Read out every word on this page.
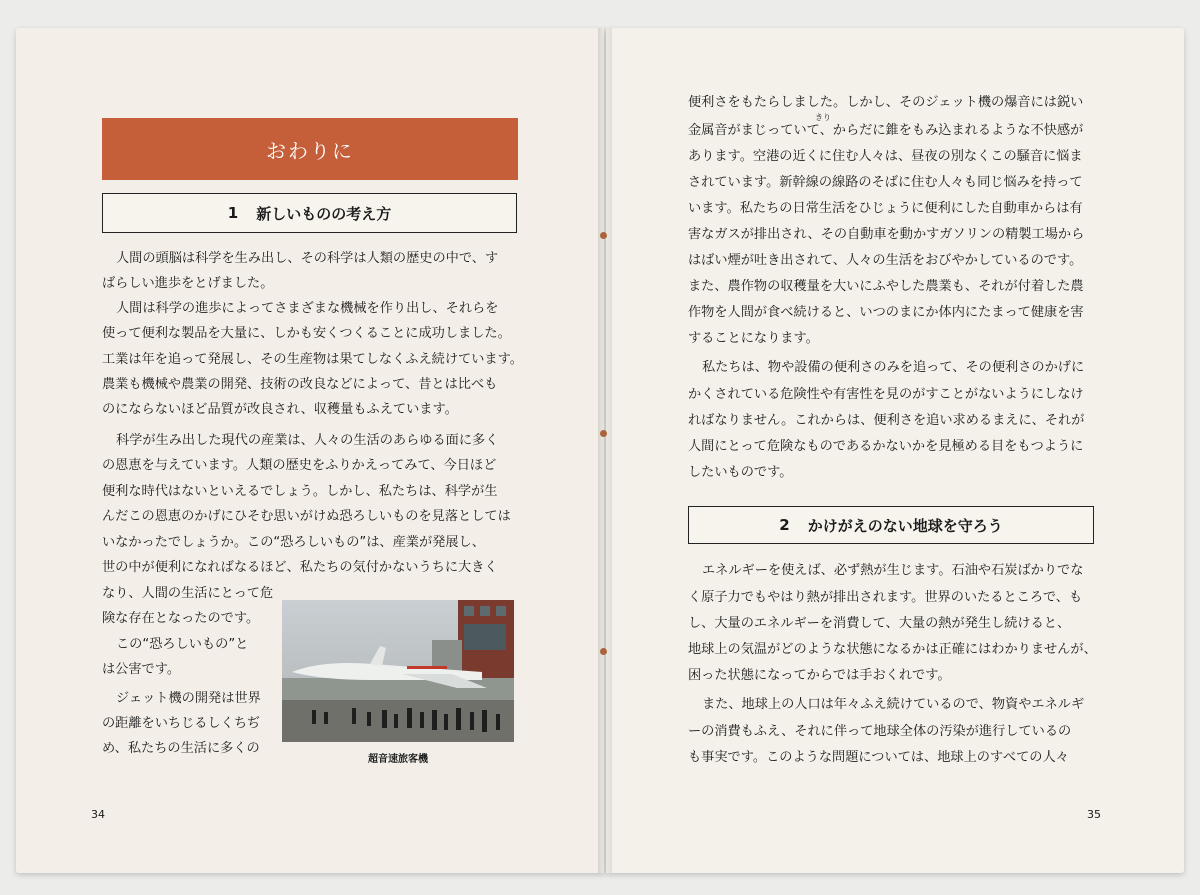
おわりに
1 新しいものの考え方
人間の頭脳は科学を生み出し、その科学は人類の歴史の中で、す
ばらしい進歩をとげました。
人間は科学の進歩によってさまざまな機械を作り出し、それらを
使って便利な製品を大量に、しかも安くつくることに成功しました。
工業は年を追って発展し、その生産物は果てしなくふえ続けています。
農業も機械や農業の開発、技術の改良などによって、昔とは比べも
のにならないほど品質が改良され、収穫量もふえています。
科学が生み出した現代の産業は、人々の生活のあらゆる面に多く
の恩恵を与えています。人類の歴史をふりかえってみて、今日ほど
便利な時代はないといえるでしょう。しかし、私たちは、科学が生
んだこの恩恵のかげにひそむ思いがけぬ恐ろしいものを見落としては
いなかったでしょうか。この“恐ろしいもの”は、産業が発展し、
世の中が便利になればなるほど、私たちの気付かないうちに大きく
なり、人間の生活にとって危
険な存在となったのです。
この“恐ろしいもの”と
は公害です。
ジェット機の開発は世界
の距離をいちじるしくちぢ
め、私たちの生活に多くの
超音速旅客機
34
きり
便利さをもたらしました。しかし、そのジェット機の爆音には鋭い
金属音がまじっていて、からだに錐をもみ込まれるような不快感が
あります。空港の近くに住む人々は、昼夜の別なくこの騒音に悩ま
されています。新幹線の線路のそばに住む人々も同じ悩みを持って
います。私たちの日常生活をひじょうに便利にした自動車からは有
害なガスが排出され、その自動車を動かすガソリンの精製工場から
はばい煙が吐き出されて、人々の生活をおびやかしているのです。
また、農作物の収穫量を大いにふやした農業も、それが付着した農
作物を人間が食べ続けると、いつのまにか体内にたまって健康を害
することになります。
私たちは、物や設備の便利さのみを追って、その便利さのかげに
かくされている危険性や有害性を見のがすことがないようにしなけ
ればなりません。これからは、便利さを追い求めるまえに、それが
人間にとって危険なものであるかないかを見極める目をもつように
したいものです。
2 かけがえのない地球を守ろう
エネルギーを使えば、必ず熱が生じます。石油や石炭ばかりでな
く原子力でもやはり熱が排出されます。世界のいたるところで、も
し、大量のエネルギーを消費して、大量の熱が発生し続けると、
地球上の気温がどのような状態になるかは正確にはわかりませんが、
困った状態になってからでは手おくれです。
また、地球上の人口は年々ふえ続けているので、物資やエネルギ
ーの消費もふえ、それに伴って地球全体の汚染が進行しているの
も事実です。このような問題については、地球上のすべての人々
35
